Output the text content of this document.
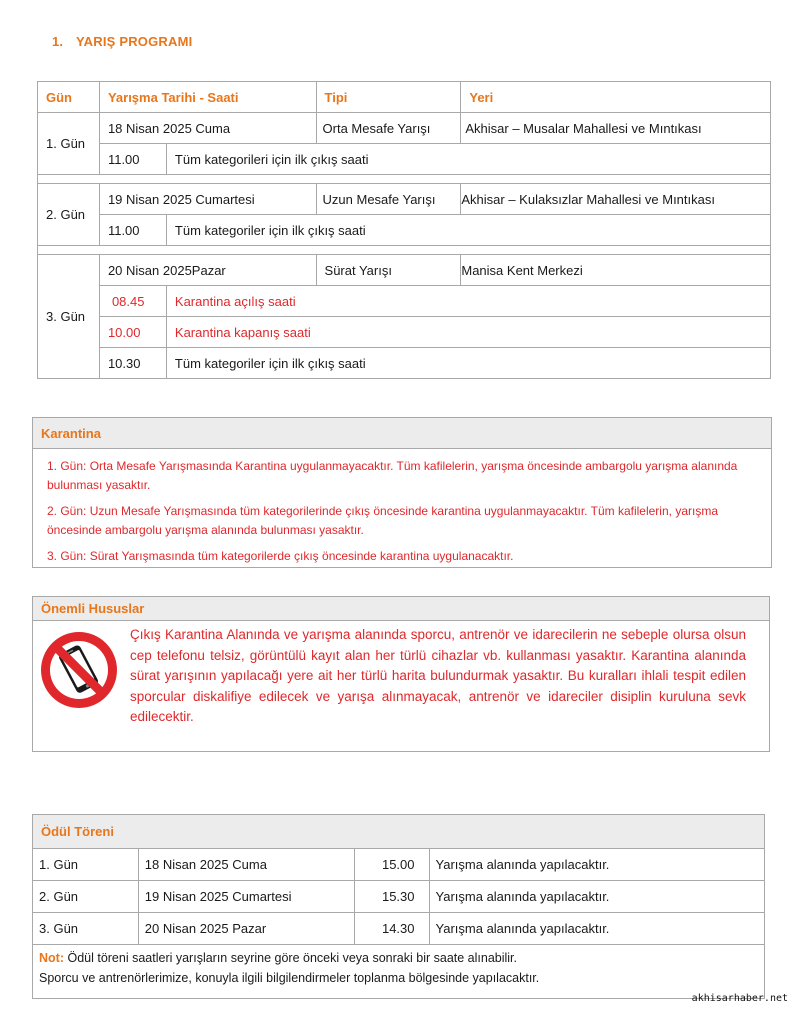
1. YARIŞ PROGRAMI
Gün	Yarışma Tarihi - Saati		Tipi	Yeri
1. Gün	18 Nisan 2025 Cuma		Orta Mesafe Yarışı	Akhisar – Musalar Mahallesi ve Mıntıkası
	11.00	Tüm kategorileri için ilk çıkış saati		

2. Gün	19 Nisan 2025 Cumartesi		Uzun Mesafe Yarışı	Akhisar – Kulaksızlar Mahallesi ve Mıntıkası
	11.00	Tüm kategoriler için ilk çıkış saati		

3. Gün	20 Nisan 2025Pazar		Sürat Yarışı	Manisa Kent Merkezi
	08.45	Karantina açılış saati		
	10.00	Karantina kapanış saati		
	10.30	Tüm kategoriler için ilk çıkış saati		
Karantina
1. Gün: Orta Mesafe Yarışmasında Karantina uygulanmayacaktır. Tüm kafilelerin, yarışma öncesinde ambargolu yarışma alanında bulunması yasaktır.
2. Gün: Uzun Mesafe Yarışmasında tüm kategorilerinde çıkış öncesinde karantina uygulanmayacaktır. Tüm kafilelerin, yarışma öncesinde ambargolu yarışma alanında bulunması yasaktır.
3. Gün: Sürat Yarışmasında tüm kategorilerde çıkış öncesinde karantina uygulanacaktır.
Önemli Hususlar
Çıkış Karantina Alanında ve yarışma alanında sporcu, antrenör ve idarecilerin ne sebeple olursa olsun cep telefonu telsiz, görüntülü kayıt alan her türlü cihazlar vb. kullanması yasaktır. Karantina alanında sürat yarışının yapılacağı yere ait her türlü harita bulundurmak yasaktır. Bu kuralları ihlali tespit edilen sporcular diskalifiye edilecek ve yarışa alınmayacak, antrenör ve idareciler disiplin kuruluna sevk edilecektir.
Ödül Töreni
1. Gün	18 Nisan 2025 Cuma	15.00	Yarışma alanında yapılacaktır.
2. Gün	19 Nisan 2025 Cumartesi	15.30	Yarışma alanında yapılacaktır.
3. Gün	20 Nisan 2025 Pazar	14.30	Yarışma alanında yapılacaktır.
Not: Ödül töreni saatleri yarışların seyrine göre önceki veya sonraki bir saate alınabilir.
Sporcu ve antrenörlerimize, konuyla ilgili bilgilendirmeler toplanma bölgesinde yapılacaktır.
akhisarhaber.net
